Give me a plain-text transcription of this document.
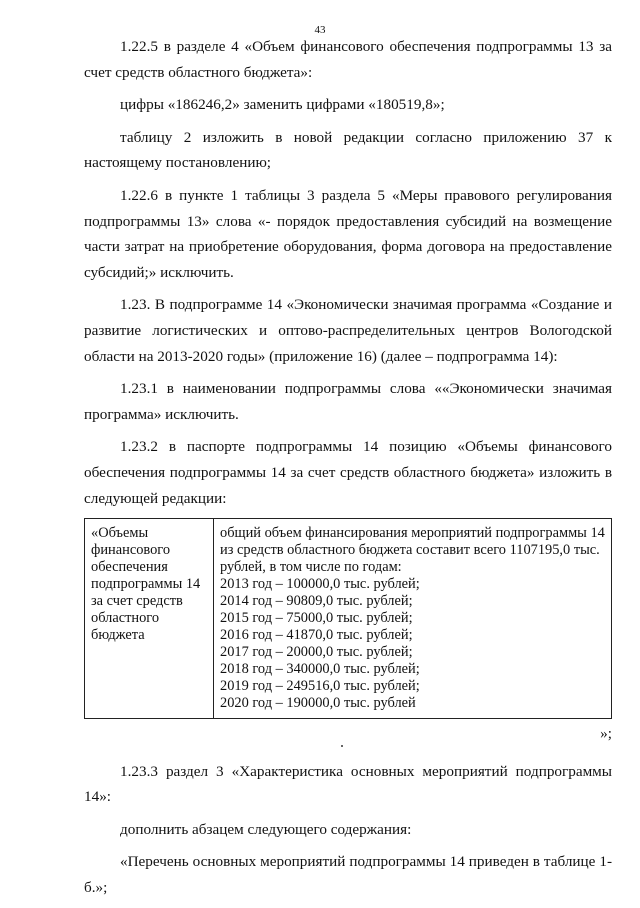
43

1.22.5 в разделе 4 «Объем финансового обеспечения подпрограммы 13 за счет средств областного бюджета»:

цифры «186246,2» заменить цифрами «180519,8»;

таблицу 2 изложить в новой редакции согласно приложению 37 к настоящему постановлению;

1.22.6 в пункте 1 таблицы 3 раздела 5 «Меры правового регулирования подпрограммы 13» слова «- порядок предоставления субсидий на возмещение части затрат на приобретение оборудования, форма договора на предоставление субсидий;» исключить.

1.23. В подпрограмме 14 «Экономически значимая программа «Создание и развитие логистических и оптово-распределительных центров Вологодской области на 2013-2020 годы» (приложение 16) (далее – подпрограмма 14):

1.23.1 в наименовании подпрограммы слова ««Экономически значимая программа» исключить.

1.23.2 в паспорте подпрограммы 14 позицию «Объемы финансового обеспечения подпрограммы 14 за счет средств областного бюджета» изложить в следующей редакции:

«Объемы финансового обеспечения подпрограммы 14 за счет средств областного бюджета	
общий объем финансирования мероприятий подпрограммы 14 из средств областного бюджета составит всего 1107195,0 тыс. рублей, в том числе по годам:
2013 год – 100000,0 тыс. рублей;
2014 год – 90809,0 тыс. рублей;
2015 год – 75000,0 тыс. рублей;
2016 год – 41870,0 тыс. рублей;
2017 год – 20000,0 тыс. рублей;
2018 год – 340000,0 тыс. рублей;
2019 год – 249516,0 тыс. рублей;
2020 год – 190000,0 тыс. рублей
»;

1.23.3 раздел 3 «Характеристика основных мероприятий подпрограммы 14»:

дополнить абзацем следующего содержания:

«Перечень основных мероприятий подпрограммы 14 приведен в таблице 1-б.»;
